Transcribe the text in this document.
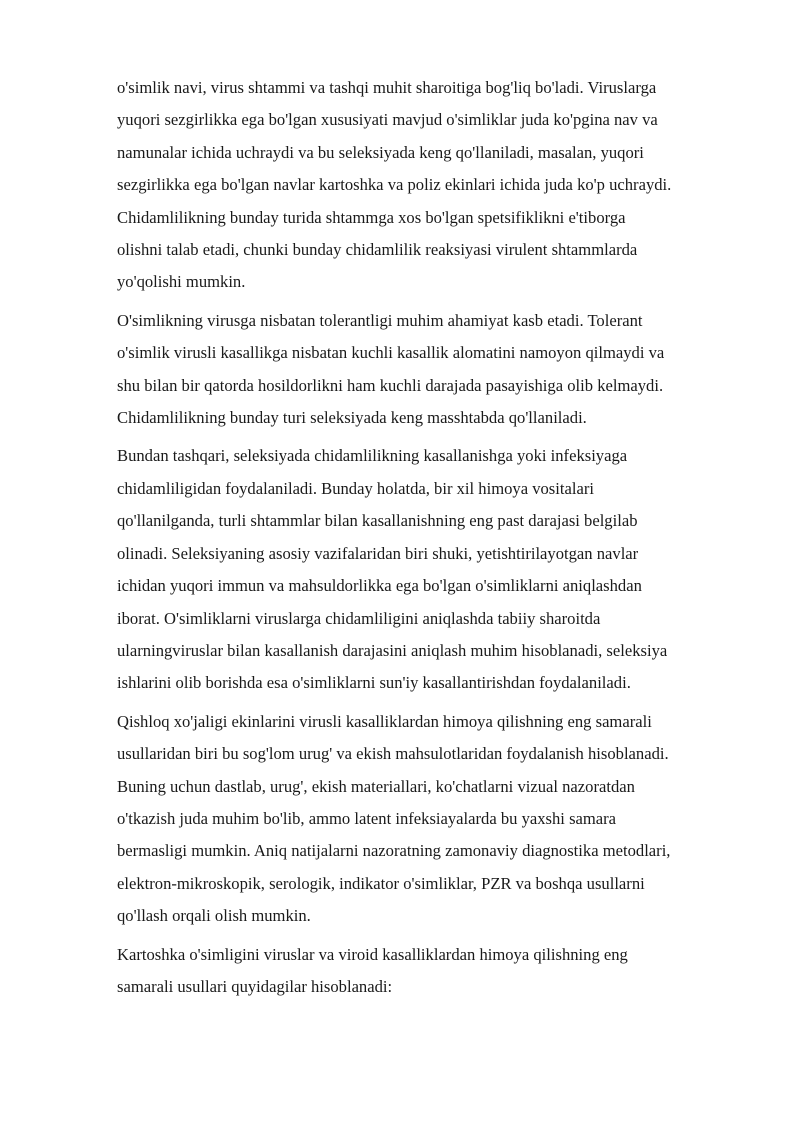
o'simlik navi, virus shtammi va tashqi muhit sharoitiga bog'liq bo'ladi. Viruslarga
yuqori sezgirlikka ega bo'lgan xususiyati mavjud o'simliklar juda ko'pgina nav va
namunalar ichida uchraydi va bu seleksiyada keng qo'llaniladi, masalan, yuqori
sezgirlikka ega bo'lgan navlar kartoshka va poliz ekinlari ichida juda ko'p uchraydi.
Chidamlilikning bunday turida shtammga xos bo'lgan spetsifiklikni e'tiborga
olishni talab etadi, chunki bunday chidamlilik reaksiyasi virulent shtammlarda
yo'qolishi mumkin.

O'simlikning virusga nisbatan tolerantligi muhim ahamiyat kasb etadi. Tolerant
o'simlik virusli kasallikga nisbatan kuchli kasallik alomatini namoyon qilmaydi va
shu bilan bir qatorda hosildorlikni ham kuchli darajada pasayishiga olib kelmaydi.
Chidamlilikning bunday turi seleksiyada keng masshtabda qo'llaniladi.

Bundan tashqari, seleksiyada chidamlilikning kasallanishga yoki infeksiyaga
chidamliligidan foydalaniladi. Bunday holatda, bir xil himoya vositalari
qo'llanilganda, turli shtammlar bilan kasallanishning eng past darajasi belgilab
olinadi. Seleksiyaning asosiy vazifalaridan biri shuki, yetishtirilayotgan navlar
ichidan yuqori immun va mahsuldorlikka ega bo'lgan o'simliklarni aniqlashdan
iborat. O'simliklarni viruslarga chidamliligini aniqlashda tabiiy sharoitda
ularningviruslar bilan kasallanish darajasini aniqlash muhim hisoblanadi, seleksiya
ishlarini olib borishda esa o'simliklarni sun'iy kasallantirishdan foydalaniladi.

Qishloq xo'jaligi ekinlarini virusli kasalliklardan himoya qilishning eng samarali
usullaridan biri bu sog'lom urug' va ekish mahsulotlaridan foydalanish hisoblanadi.
Buning uchun dastlab, urug', ekish materiallari, ko'chatlarni vizual nazoratdan
o'tkazish juda muhim bo'lib, ammo latent infeksiayalarda bu yaxshi samara
bermasligi mumkin. Aniq natijalarni nazoratning zamonaviy diagnostika metodlari,
elektron-mikroskopik, serologik, indikator o'simliklar, PZR va boshqa usullarni
qo'llash orqali olish mumkin.

Kartoshka o'simligini viruslar va viroid kasalliklardan himoya qilishning eng
samarali usullari quyidagilar hisoblanadi:
